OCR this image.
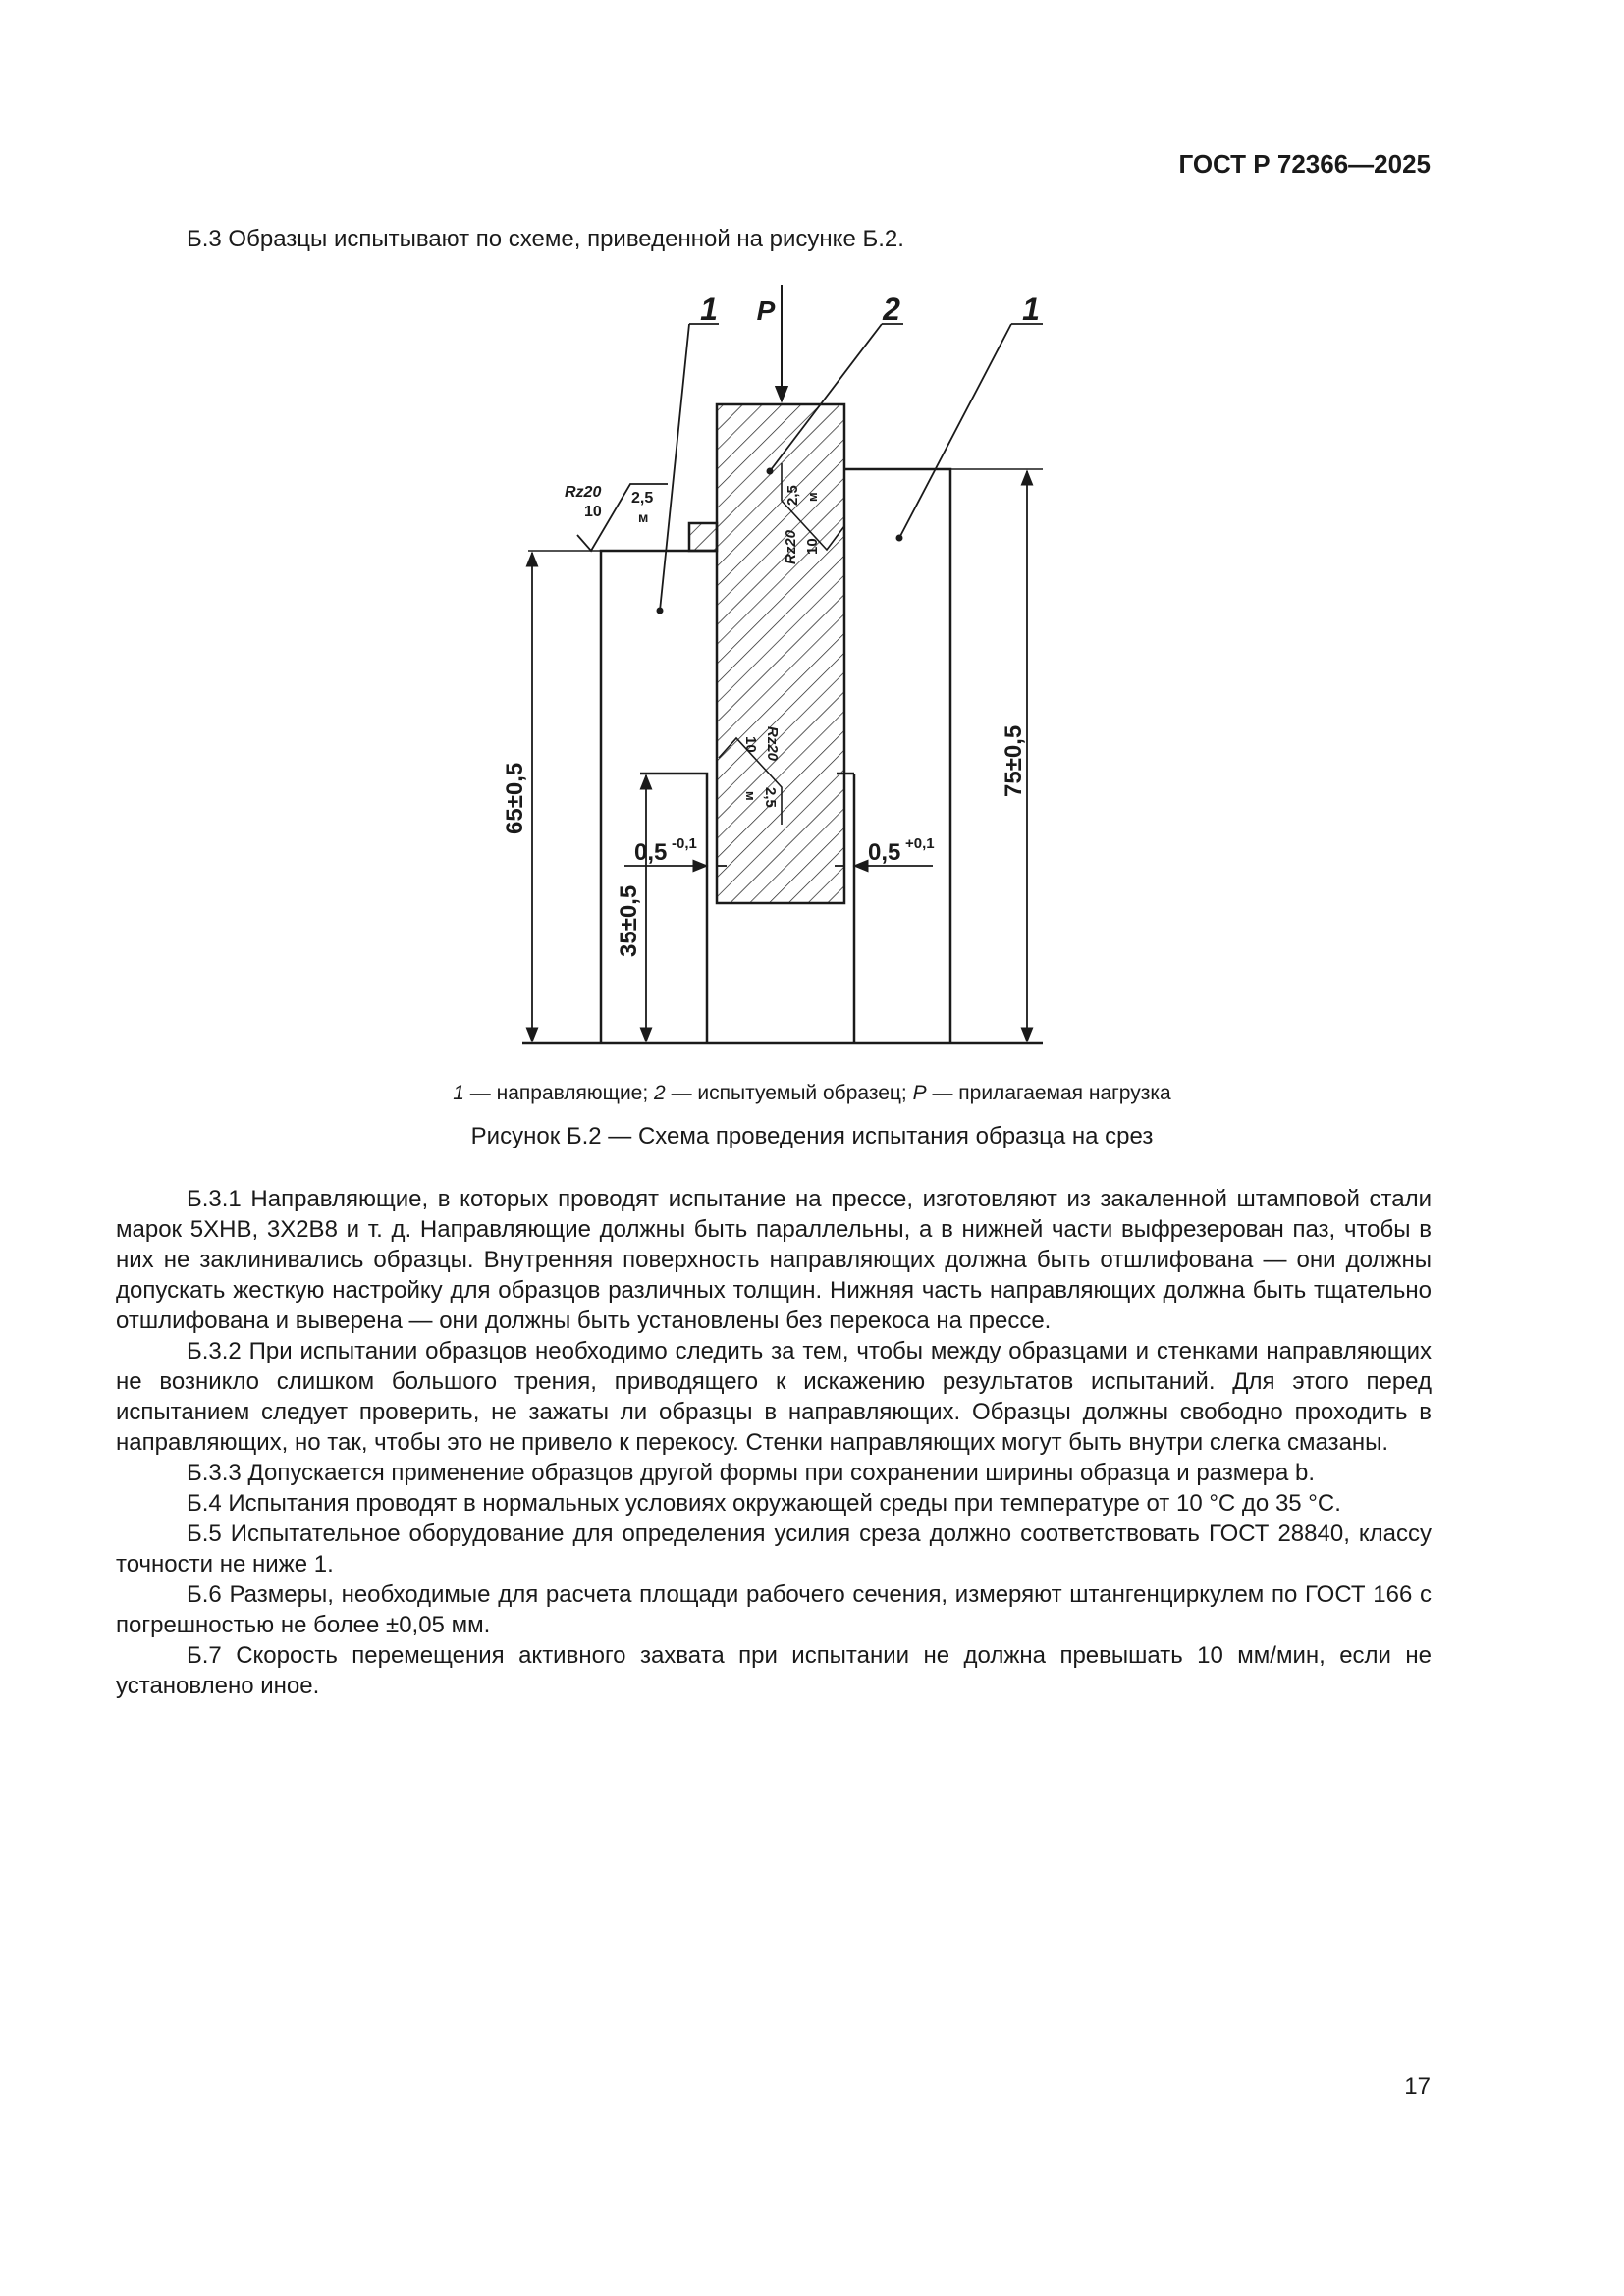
ГОСТ Р 72366—2025
Б.3 Образцы испытывают по схеме, приведенной на рисунке Б.2.
1 P	2	1
Rz20
10
2,5
м
2,5 м
Rz20 10
Rz20
10
2,5
м
65±0,5
75±0,5
35±0,5
0,5 -0,1	0,5 +0,1
1 — направляющие; 2 — испытуемый образец; P — прилагаемая нагрузка
Рисунок Б.2 — Схема проведения испытания образца на срез

Б.3.1 Направляющие, в которых проводят испытание на прессе, изготовляют из закаленной штамповой стали марок 5ХНВ, 3Х2В8 и т. д. Направляющие должны быть параллельны, а в нижней части выфрезерован паз, чтобы в них не заклинивались образцы. Внутренняя поверхность направляющих должна быть отшлифована — они должны допускать жесткую настройку для образцов различных толщин. Нижняя часть направляющих должна быть тщательно отшлифована и выверена — они должны быть установлены без перекоса на прессе.

Б.3.2 При испытании образцов необходимо следить за тем, чтобы между образцами и стенками направляющих не возникло слишком большого трения, приводящего к искажению результатов испытаний. Для этого перед испытанием следует проверить, не зажаты ли образцы в направляющих. Образцы должны свободно проходить в направляющих, но так, чтобы это не привело к перекосу. Стенки направляющих могут быть внутри слегка смазаны.

Б.3.3 Допускается применение образцов другой формы при сохранении ширины образца и размера b.

Б.4 Испытания проводят в нормальных условиях окружающей среды при температуре от 10 °С до 35 °С.

Б.5 Испытательное оборудование для определения усилия среза должно соответствовать ГОСТ 28840, классу точности не ниже 1.

Б.6 Размеры, необходимые для расчета площади рабочего сечения, измеряют штангенциркулем по ГОСТ 166 с погрешностью не более ±0,05 мм.

Б.7 Скорость перемещения активного захвата при испытании не должна превышать 10 мм/мин, если не установлено иное.

17
